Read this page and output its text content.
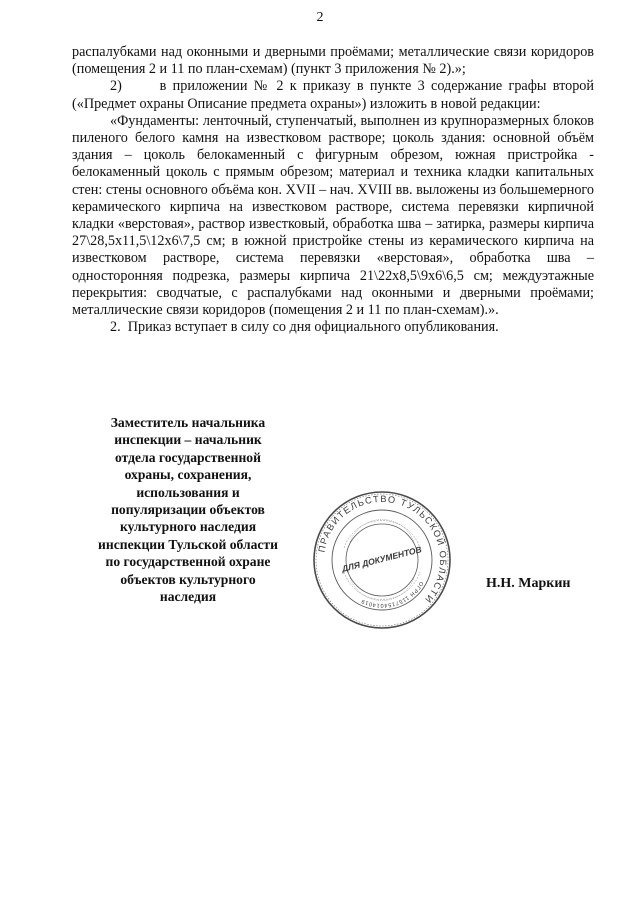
2

распалубками над оконными и дверными проёмами; металлические связи коридоров (помещения 2 и 11 по план-схемам) (пункт 3 приложения № 2).»;

2)      в приложении № 2 к приказу в пункте 3 содержание графы второй («Предмет охраны Описание предмета охраны») изложить в новой редакции:

«Фундаменты: ленточный, ступенчатый, выполнен из крупноразмерных блоков пиленого белого камня на известковом растворе; цоколь здания: основной объём здания – цоколь белокаменный с фигурным обрезом, южная пристройка - белокаменный цоколь с прямым обрезом; материал и техника кладки капитальных стен: стены основного объёма кон. XVII – нач. XVIII вв. выложены из большемерного керамического кирпича на известковом растворе, система перевязки кирпичной кладки «верстовая», раствор известковый, обработка шва – затирка, размеры кирпича 27\28,5x11,5\12x6\7,5 см; в южной пристройке стены из керамического кирпича на известковом растворе, система перевязки «верстовая», обработка шва – односторонняя подрезка, размеры кирпича 21\22x8,5\9x6\6,5 см; междуэтажные перекрытия: сводчатые, с распалубками над оконными и дверными проёмами; металлические связи коридоров (помещения 2 и 11 по план-схемам).».

2.  Приказ вступает в силу со дня официального опубликования.

Заместитель начальника
инспекции – начальник
отдела государственной
охраны, сохранения,
использования и
популяризации объектов
культурного наследия
инспекции Тульской области
по государственной охране
объектов культурного
наследия
ПРАВИТЕЛЬСТВО ТУЛЬСКОЙ ОБЛАСТИ
ДЛЯ ДОКУМЕНТОВ
ОГРН 1157154014019
Н.Н. Маркин
